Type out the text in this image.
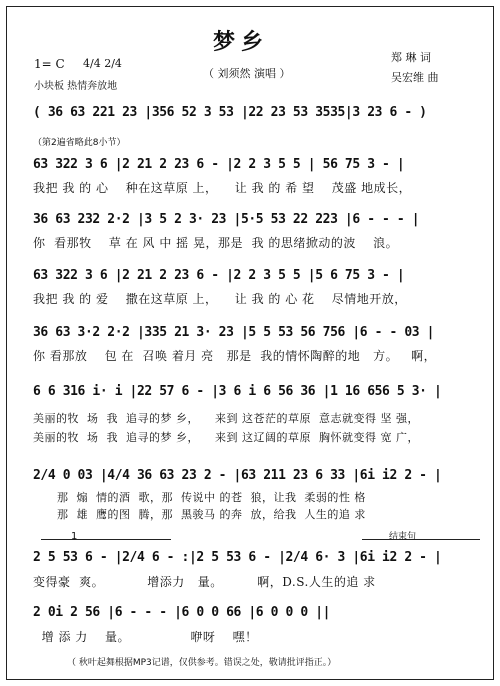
梦乡
（ 刘须然 演唱 ）
1= C 4/4 2/4
小块板 热情奔放地
郑 琳 词
吴宏维 曲
( 36 63 221 23 |356 52 3 53 |22 23 53 3535|3 23 6 - )
（第2遍省略此8小节）
63 322 3 6 |2 21 2 23 6 - |2 2 3 5 5 | 56 75 3 - |
我把 我 的 心    种在这草原 上，    让 我 的 希 望    茂盛 地成长，
36 63 232 2·2 |3 5 2 3· 23 |5·5 53 22 223 |6 - - - |
你  看那牧    草 在 风 中 摇 晃，那是  我 的思绪掀动的波    浪。
63 322 3 6 |2 21 2 23 6 - |2 2 3 5 5 |5 6 75 3 - |
我把 我 的 爱    撒在这草原 上，    让 我 的 心 花    尽情地开放，
36 63 3·2 2·2 |335 21 3· 23 |5 5 53 56 756 |6 - - 03 |
你 看那放    包 在  召唤 着月 亮   那是  我的情怀陶醉的地   方。   啊，
6 6 316 i· i |22 57 6 - |3 6 i 6 56 36 |1 16 656 5 3· |
美丽的牧  场  我  追寻的梦 乡，    来到 这苍茫的草原  意志就变得 坚 强，
美丽的牧  场  我  追寻的梦 乡，    来到 这辽阔的草原  胸怀就变得 宽 广，
2/4 0 03 |4/4 36 63 23 2 - |63 211 23 6 33 |6i i2 2 - |
那  煽  情的酒  歌，那  传说中 的苍  狼，让我  柔弱的性 格
那  雄  鹰的图  腾，那  黑骏马 的奔  放，给我  人生的追 求
1	结束句
2 5 53 6 - |2/4 6 - :|2 5 53 6 - |2/4 6· 3 |6i i2 2 - |
变得豪  爽。          增添力   量。        啊，D.S.人生的追 求
2 0i 2 56 |6 - - - |6 0 0 66 |6 0 0 0 ||
增 添 力    量。              咿呀    嘿！
（ 秋叶起舞根据MP3记谱，仅供参考。错误之处，敬请批评指正。）
